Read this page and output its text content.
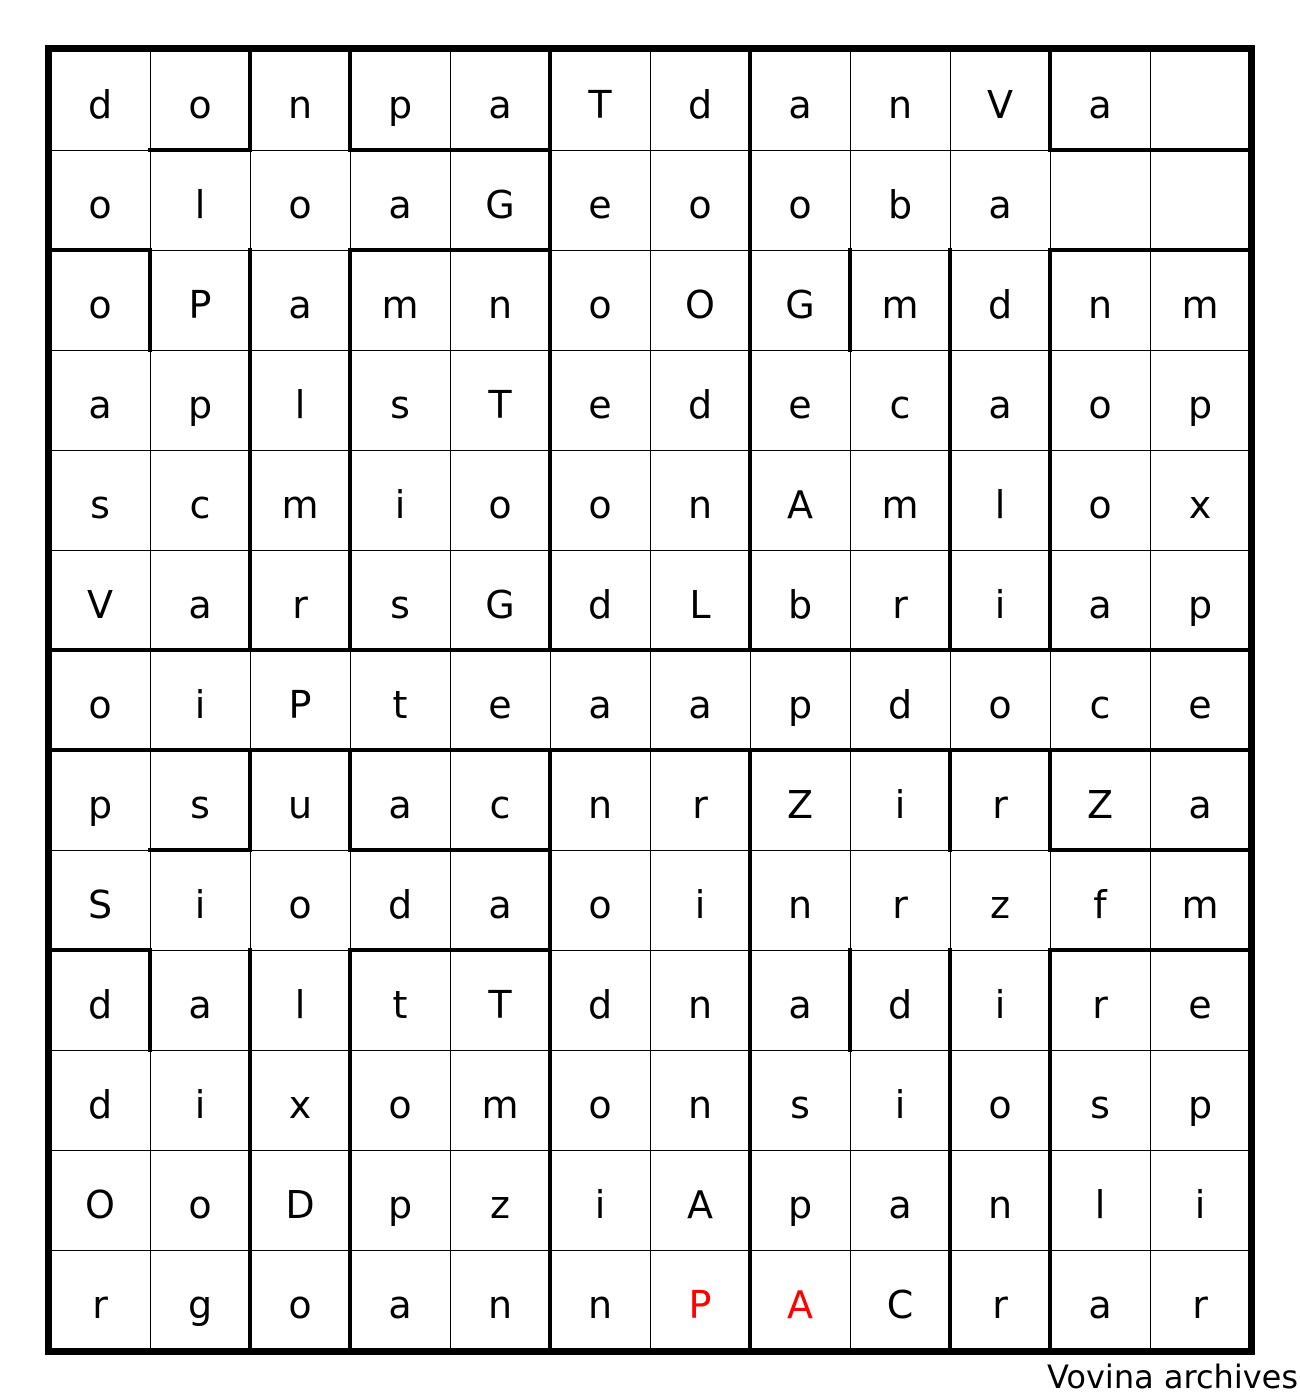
d	o	n	p	a	T	d	a	n	V	a
o	l	o	a	G	e	o	o	b	a
o	P	a	m	n	o	O	G	m	d	n	m
a	p	l	s	T	e	d	e	c	a	o	p
s	c	m	i	o	o	n	A	m	l	o	x
V	a	r	s	G	d	L	b	r	i	a	p
o	i	P	t	e	a	a	p	d	o	c	e
p	s	u	a	c	n	r	Z	i	r	Z	a
S	i	o	d	a	o	i	n	r	z	f	m
d	a	l	t	T	d	n	a	d	i	r	e
d	i	x	o	m	o	n	s	i	o	s	p
O	o	D	p	z	i	A	p	a	n	l	i
r	g	o	a	n	n	P	A	C	r	a	r
Vovina archives
